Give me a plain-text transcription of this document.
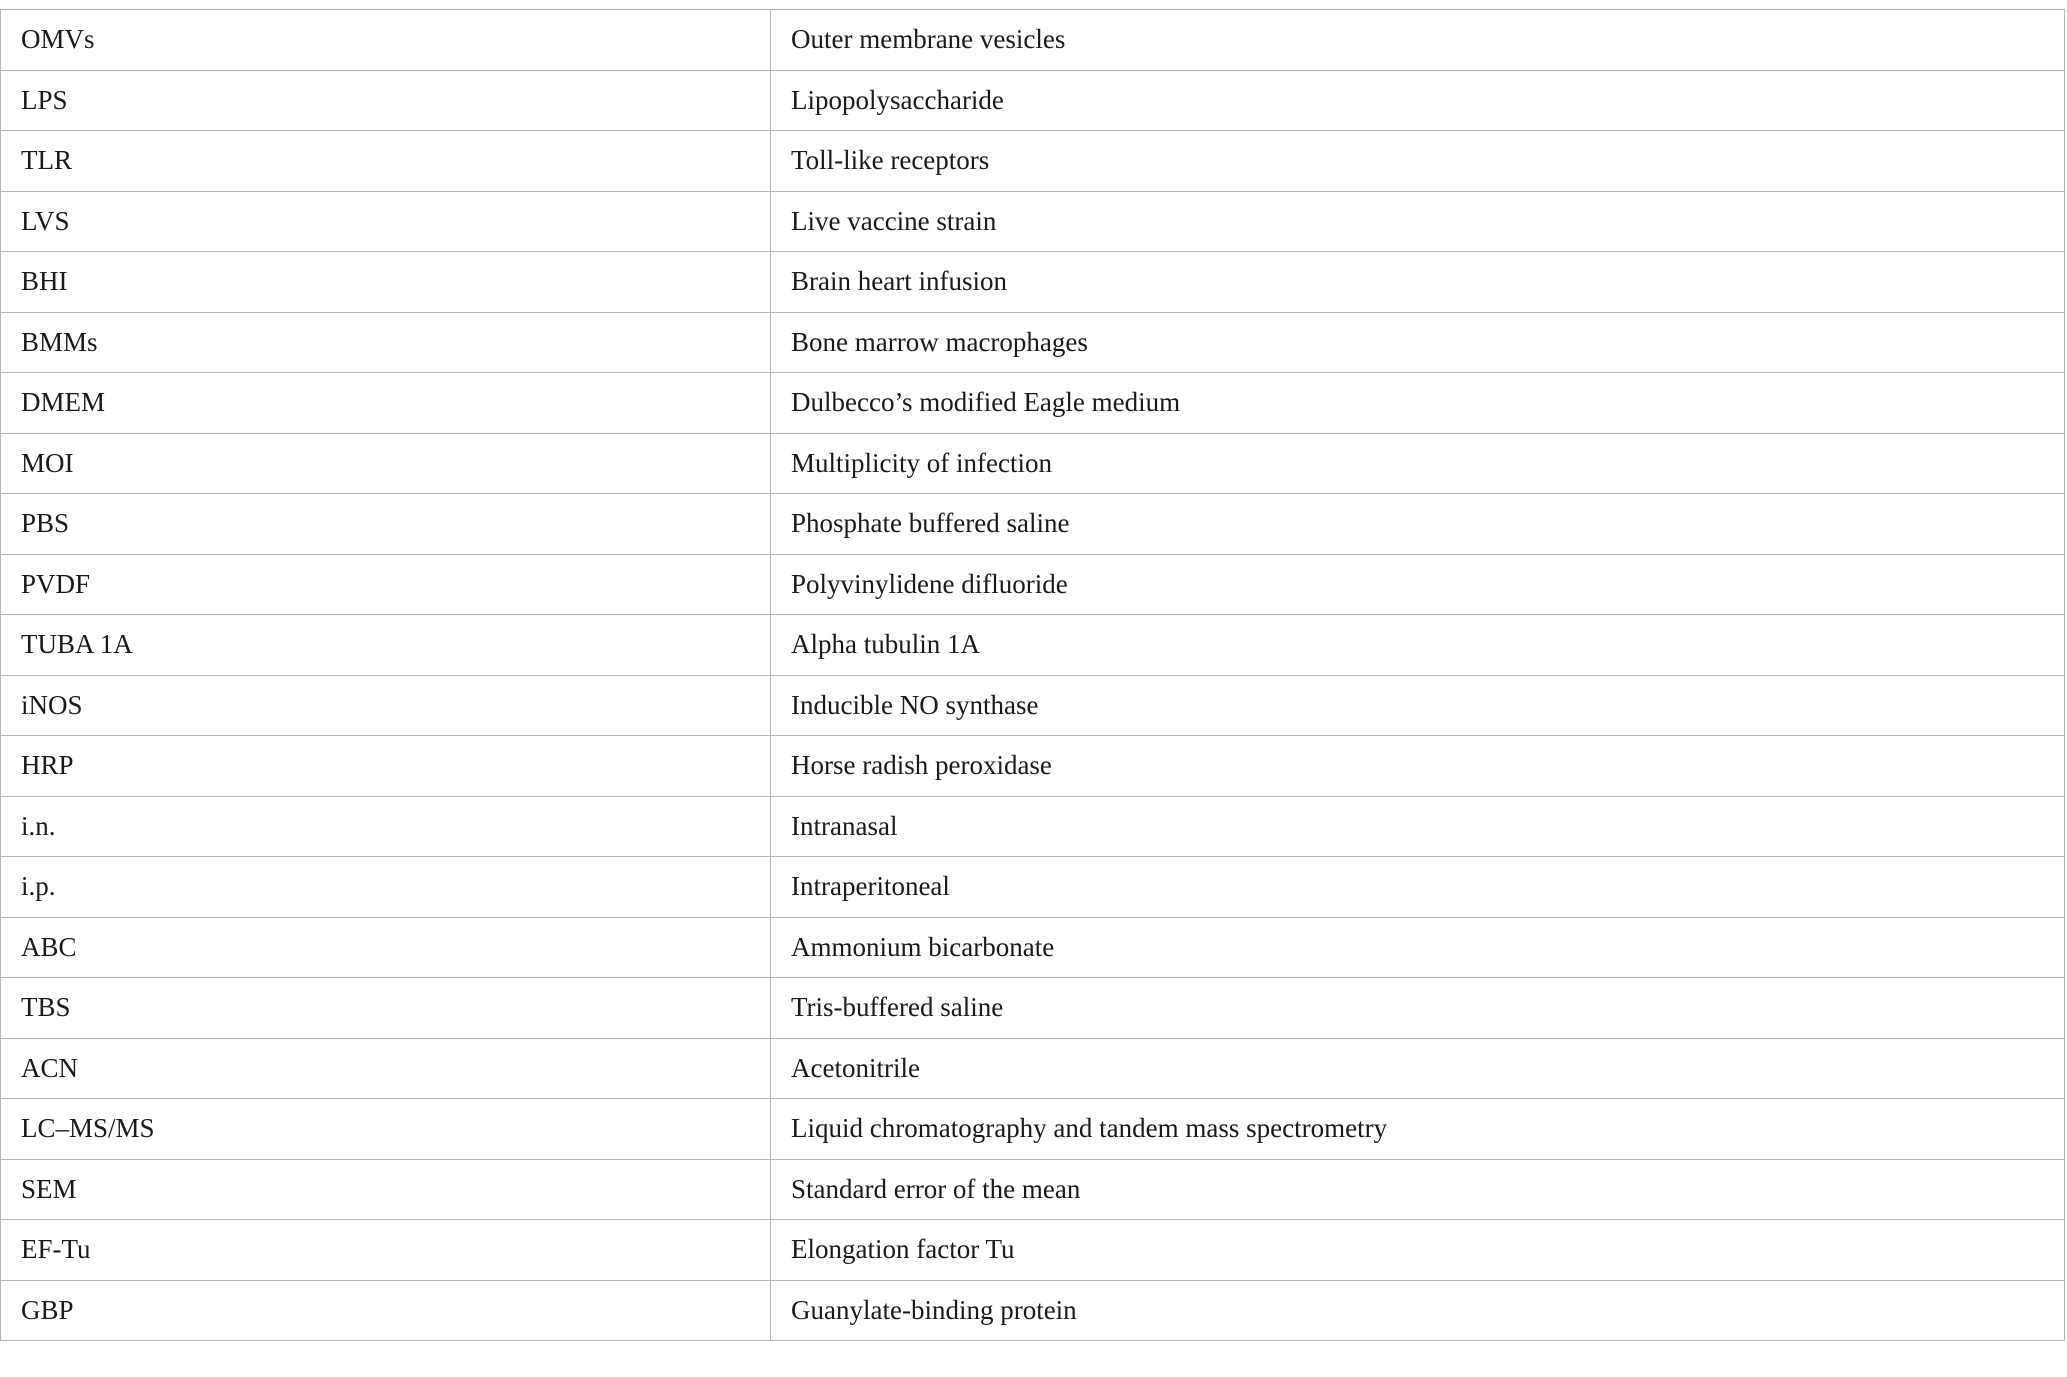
OMVs	Outer membrane vesicles
LPS	Lipopolysaccharide
TLR	Toll-like receptors
LVS	Live vaccine strain
BHI	Brain heart infusion
BMMs	Bone marrow macrophages
DMEM	Dulbecco’s modified Eagle medium
MOI	Multiplicity of infection
PBS	Phosphate buffered saline
PVDF	Polyvinylidene difluoride
TUBA 1A	Alpha tubulin 1A
iNOS	Inducible NO synthase
HRP	Horse radish peroxidase
i.n.	Intranasal
i.p.	Intraperitoneal
ABC	Ammonium bicarbonate
TBS	Tris-buffered saline
ACN	Acetonitrile
LC–MS/MS	Liquid chromatography and tandem mass spectrometry
SEM	Standard error of the mean
EF-Tu	Elongation factor Tu
GBP	Guanylate-binding protein
